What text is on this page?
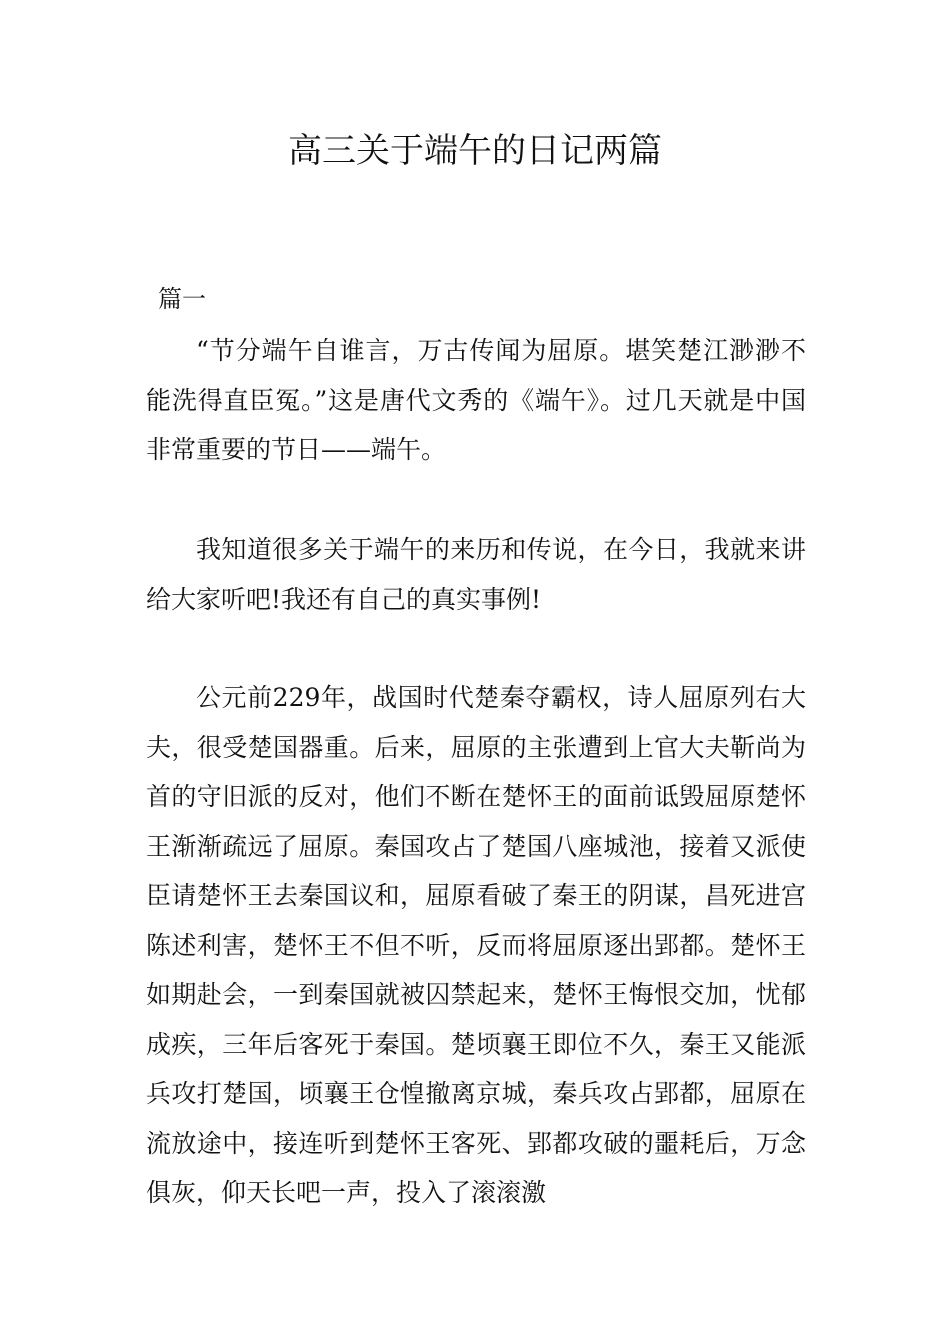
高三关于端午的日记两篇

篇一

“节分端午自谁言，万古传闻为屈原。堪笑楚江渺渺不能洗得直臣冤。”这是唐代文秀的《端午》。过几天就是中国非常重要的节日——端午。

我知道很多关于端午的来历和传说，在今日，我就来讲给大家听吧!我还有自己的真实事例!

公元前229年，战国时代楚秦夺霸权，诗人屈原列右大夫，很受楚国器重。后来，屈原的主张遭到上官大夫靳尚为首的守旧派的反对，他们不断在楚怀王的面前诋毁屈原楚怀王渐渐疏远了屈原。秦国攻占了楚国八座城池，接着又派使臣请楚怀王去秦国议和，屈原看破了秦王的阴谋，昌死进宫陈述利害，楚怀王不但不听，反而将屈原逐出郢都。楚怀王如期赴会，一到秦国就被囚禁起来，楚怀王悔恨交加，忧郁成疾，三年后客死于秦国。楚顷襄王即位不久，秦王又能派兵攻打楚国，顷襄王仓惶撤离京城，秦兵攻占郢都，屈原在流放途中，接连听到楚怀王客死、郢都攻破的噩耗后，万念俱灰，仰天长吧一声，投入了滚滚激
